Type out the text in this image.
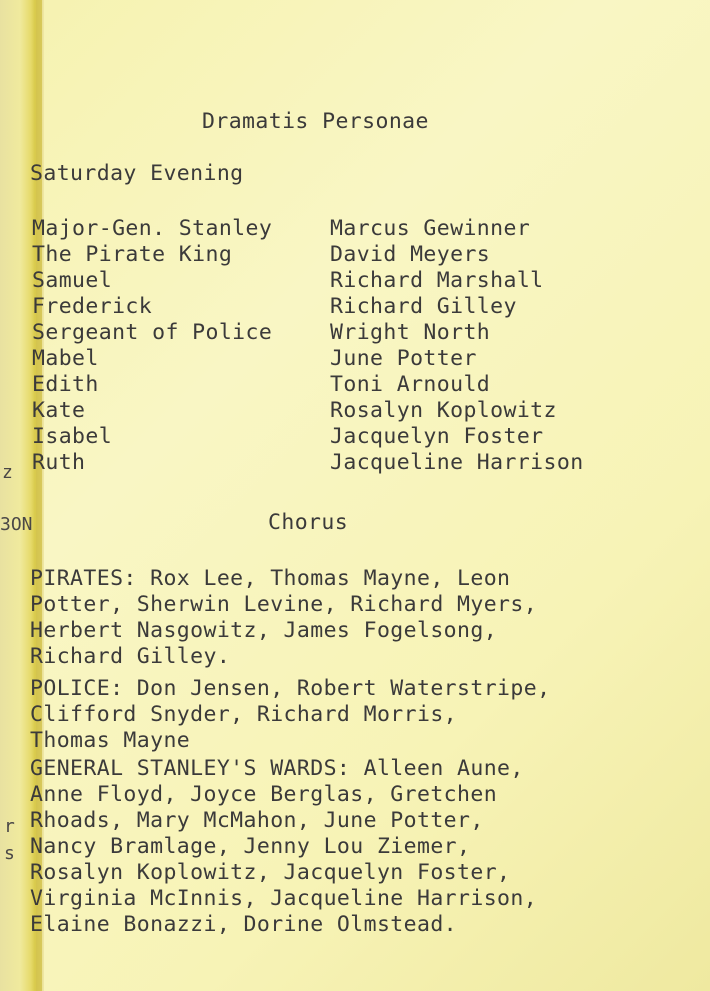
z
3ON
r
s
Dramatis Personae
Saturday Evening
Major-Gen. Stanley	Marcus Gewinner
The Pirate King	David Meyers
Samuel	Richard Marshall
Frederick	Richard Gilley
Sergeant of Police	Wright North
Mabel	June Potter
Edith	Toni Arnould
Kate	Rosalyn Koplowitz
Isabel	Jacquelyn Foster
Ruth	Jacqueline Harrison
Chorus
PIRATES: Rox Lee, Thomas Mayne, Leon
Potter, Sherwin Levine, Richard Myers,
Herbert Nasgowitz, James Fogelsong,
Richard Gilley.
POLICE: Don Jensen, Robert Waterstripe,
Clifford Snyder, Richard Morris,
Thomas Mayne
GENERAL STANLEY'S WARDS: Alleen Aune,
Anne Floyd, Joyce Berglas, Gretchen
Rhoads, Mary McMahon, June Potter,
Nancy Bramlage, Jenny Lou Ziemer,
Rosalyn Koplowitz, Jacquelyn Foster,
Virginia McInnis, Jacqueline Harrison,
Elaine Bonazzi, Dorine Olmstead.
